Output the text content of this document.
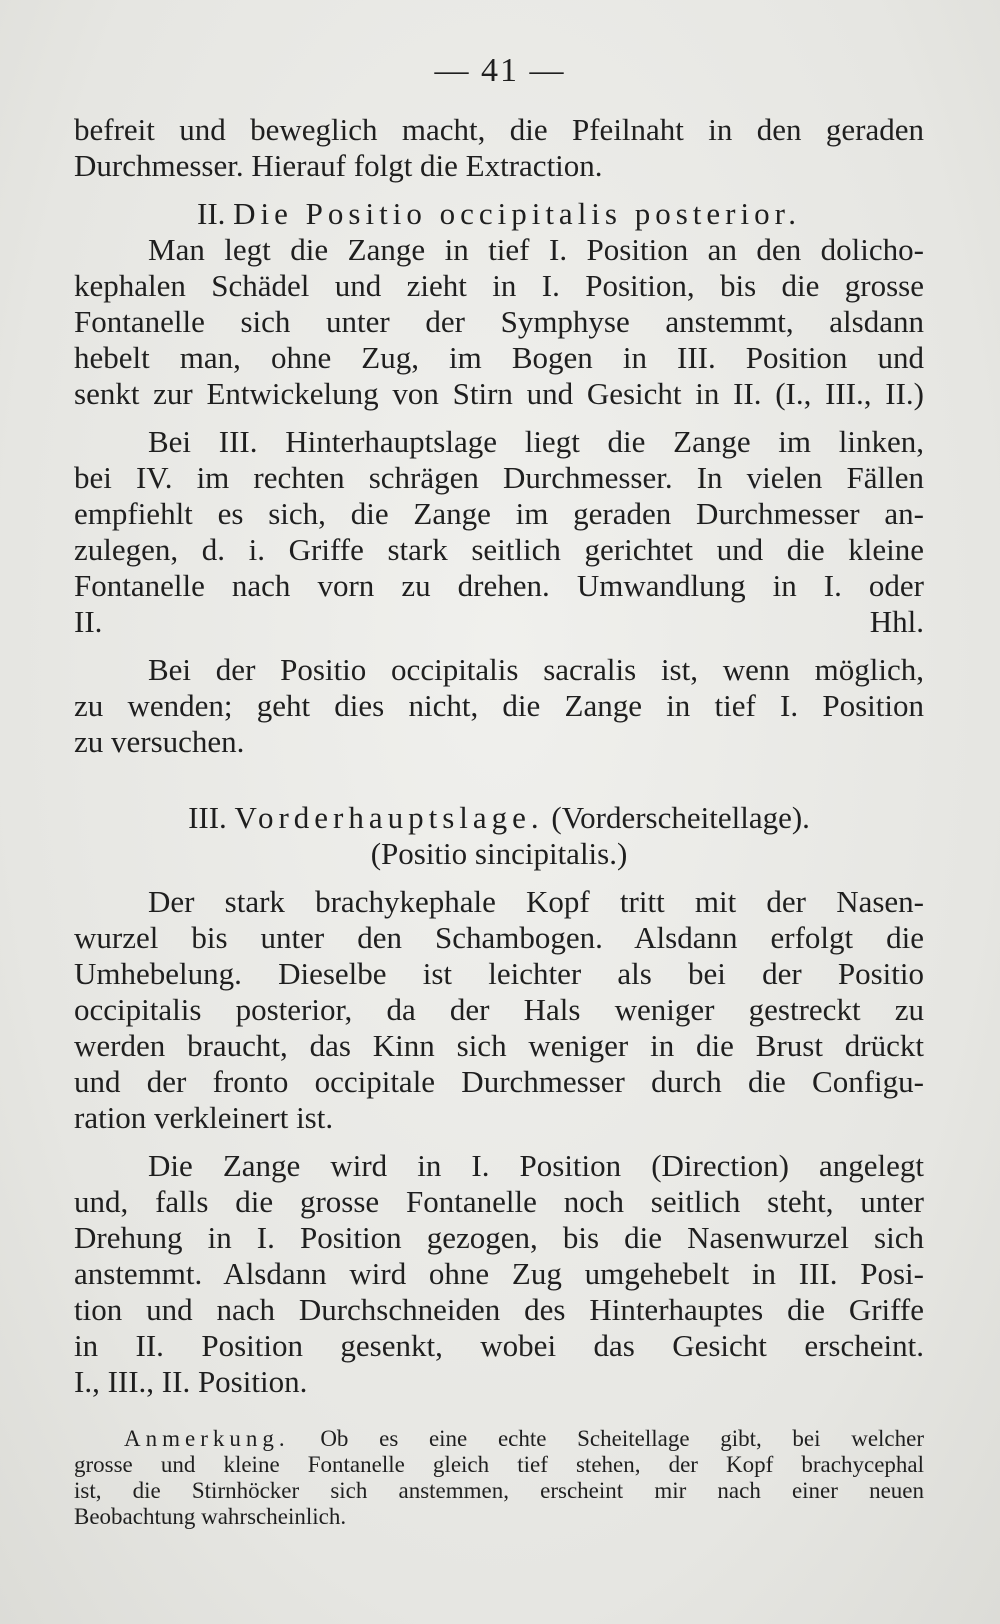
— 41 —
befreit und beweglich macht, die Pfeilnaht in den geraden
Durchmesser. Hierauf folgt die Extraction.
II. Die Positio occipitalis posterior.
Man legt die Zange in tief I. Position an den dolicho-
kephalen Schädel und zieht in I. Position, bis die grosse
Fontanelle sich unter der Symphyse anstemmt, alsdann
hebelt man, ohne Zug, im Bogen in III. Position und
senkt zur Entwickelung von Stirn und Gesicht in II. (I., III., II.)
Bei III. Hinterhauptslage liegt die Zange im linken,
bei IV. im rechten schrägen Durchmesser. In vielen Fällen
empfiehlt es sich, die Zange im geraden Durchmesser an-
zulegen, d. i. Griffe stark seitlich gerichtet und die kleine
Fontanelle nach vorn zu drehen. Umwandlung in I. oder
II. Hhl.
Bei der Positio occipitalis sacralis ist, wenn möglich,
zu wenden; geht dies nicht, die Zange in tief I. Position
zu versuchen.
III. Vorderhauptslage. (Vorderscheitellage).
(Positio sincipitalis.)
Der stark brachykephale Kopf tritt mit der Nasen-
wurzel bis unter den Schambogen. Alsdann erfolgt die
Umhebelung. Dieselbe ist leichter als bei der Positio
occipitalis posterior, da der Hals weniger gestreckt zu
werden braucht, das Kinn sich weniger in die Brust drückt
und der fronto occipitale Durchmesser durch die Configu-
ration verkleinert ist.
Die Zange wird in I. Position (Direction) angelegt
und, falls die grosse Fontanelle noch seitlich steht, unter
Drehung in I. Position gezogen, bis die Nasenwurzel sich
anstemmt. Alsdann wird ohne Zug umgehebelt in III. Posi-
tion und nach Durchschneiden des Hinterhauptes die Griffe
in II. Position gesenkt, wobei das Gesicht erscheint.
I., III., II. Position.
Anmerkung. Ob es eine echte Scheitellage gibt, bei welcher
grosse und kleine Fontanelle gleich tief stehen, der Kopf brachycephal
ist, die Stirnhöcker sich anstemmen, erscheint mir nach einer neuen
Beobachtung wahrscheinlich.
